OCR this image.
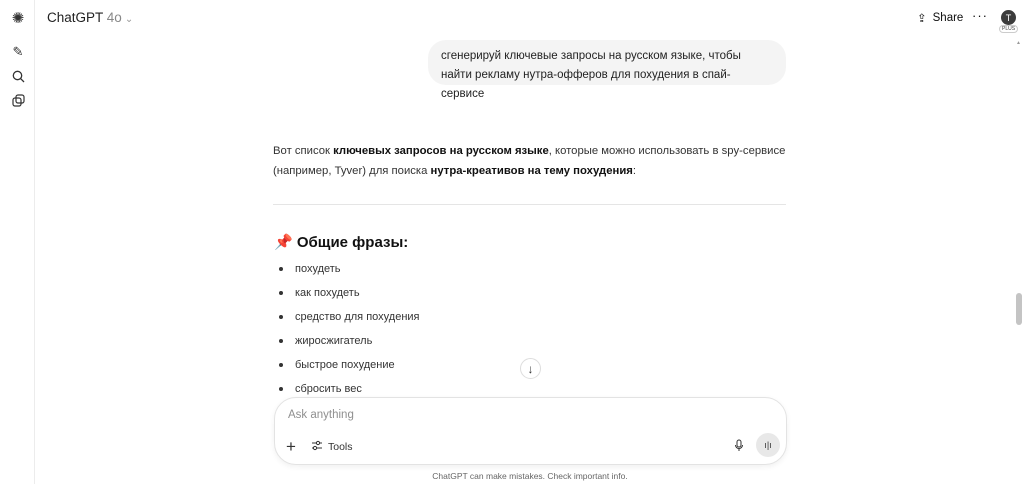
✺
✎
ChatGPT 4o ⌄	⇪ Share ··· T
PLUS
сгенерируй ключевые запросы на русском языке, чтобы найти рекламу нутра-офферов для похудения в спай-сервисе
Вот список ключевых запросов на русском языке, которые можно использовать в spy-сервисе (например, Tyver) для поиска нутра-креативов на тему похудения:
📌 Общие фразы:
похудеть
как похудеть
средство для похудения
жиросжигатель
быстрое похудение
сбросить вес
↓
Ask anything
+	Tools	ı|ı
ChatGPT can make mistakes. Check important info.
▲
